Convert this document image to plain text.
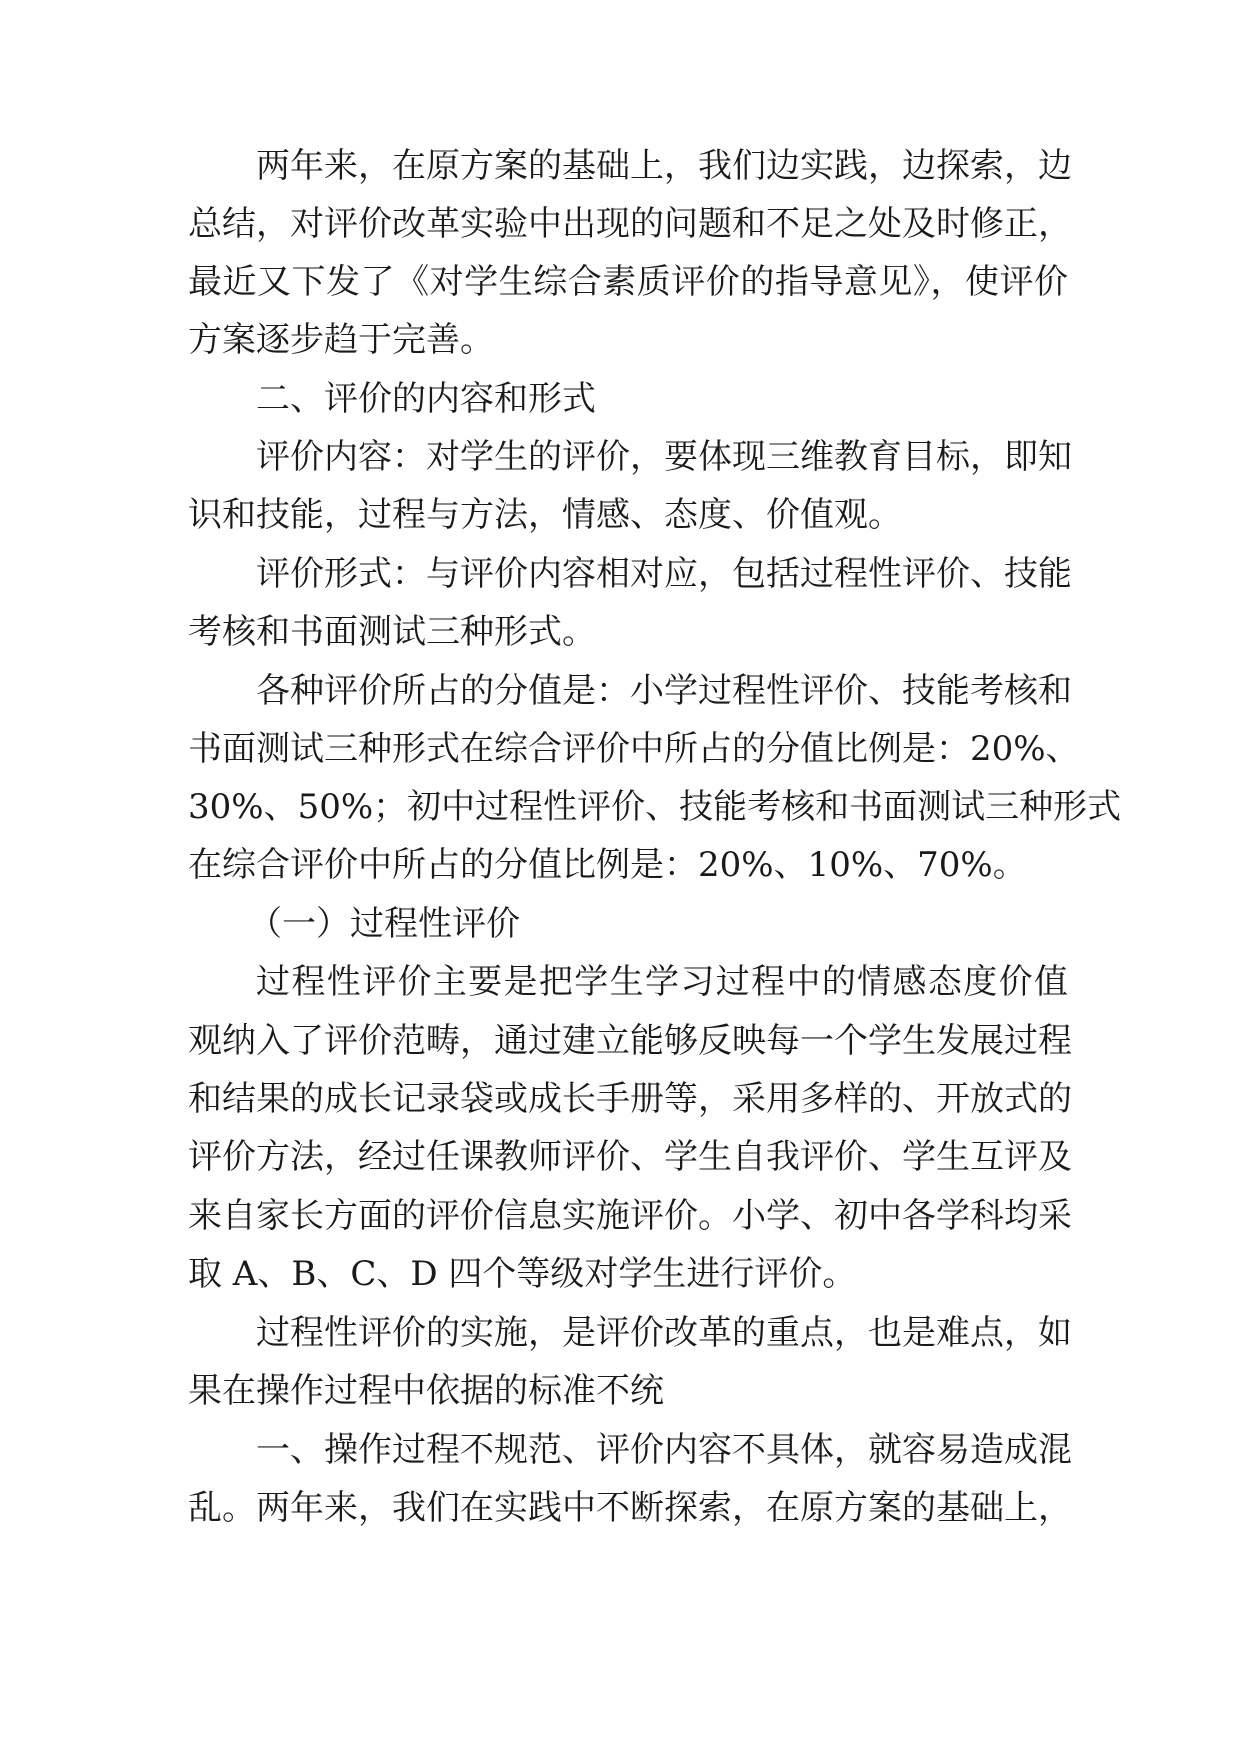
两年来，在原方案的基础上，我们边实践，边探索，边
总结，对评价改革实验中出现的问题和不足之处及时修正，
最近又下发了《对学生综合素质评价的指导意见》，使评价
方案逐步趋于完善。
二、评价的内容和形式
评价内容：对学生的评价，要体现三维教育目标，即知
识和技能，过程与方法，情感、态度、价值观。
评价形式：与评价内容相对应，包括过程性评价、技能
考核和书面测试三种形式。
各种评价所占的分值是：小学过程性评价、技能考核和
书面测试三种形式在综合评价中所占的分值比例是：20%、
30%、50%；初中过程性评价、技能考核和书面测试三种形式
在综合评价中所占的分值比例是：20%、10%、70%。
（一）过程性评价
过程性评价主要是把学生学习过程中的情感态度价值
观纳入了评价范畴，通过建立能够反映每一个学生发展过程
和结果的成长记录袋或成长手册等，采用多样的、开放式的
评价方法，经过任课教师评价、学生自我评价、学生互评及
来自家长方面的评价信息实施评价。小学、初中各学科均采
取 A、B、C、D 四个等级对学生进行评价。
过程性评价的实施，是评价改革的重点，也是难点，如
果在操作过程中依据的标准不统
一、操作过程不规范、评价内容不具体，就容易造成混
乱。两年来，我们在实践中不断探索，在原方案的基础上，
